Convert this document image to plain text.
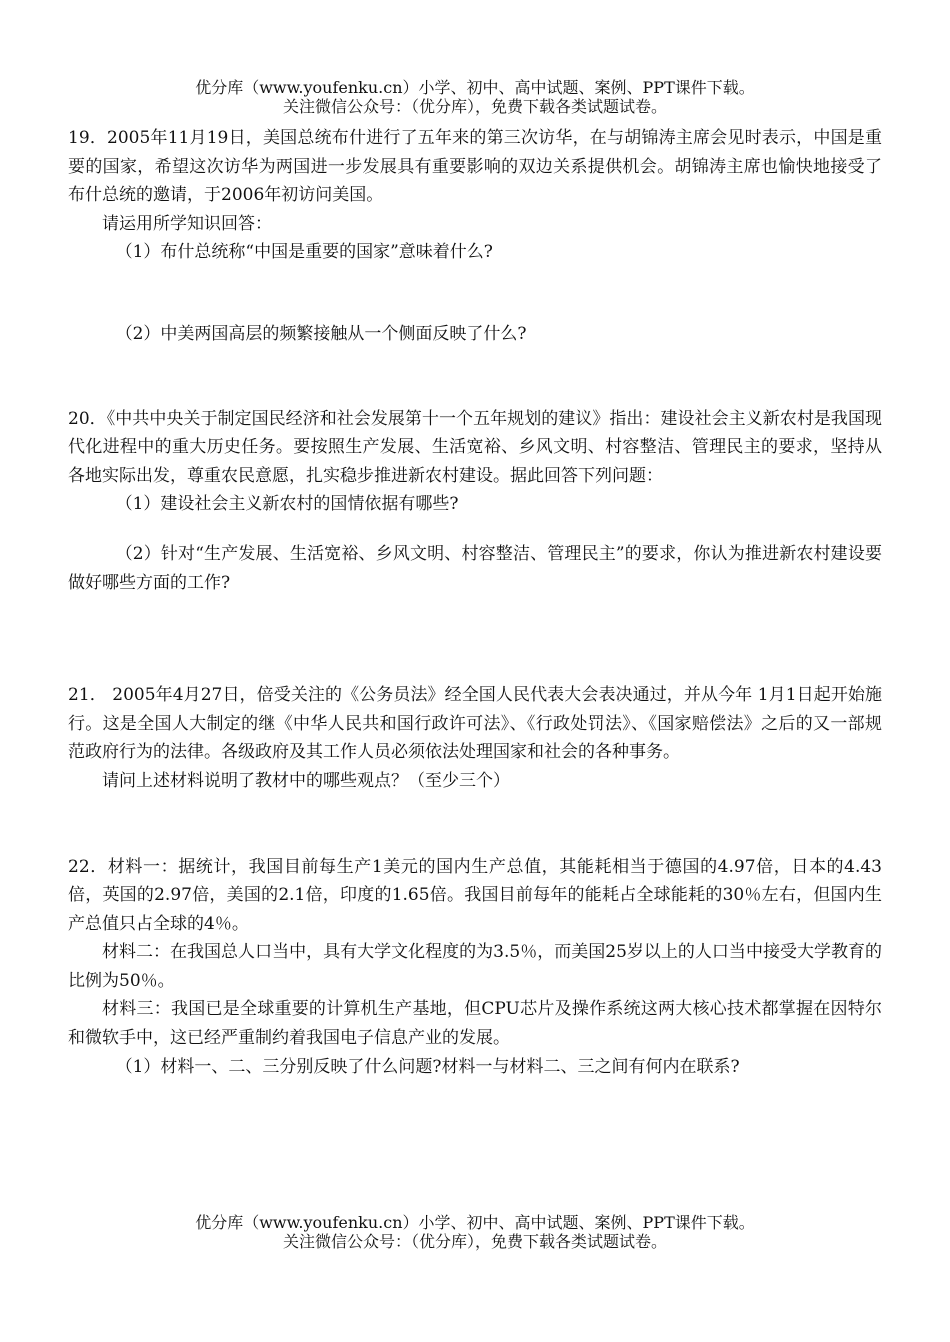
优分库（www.youfenku.cn）小学、初中、高中试题、案例、PPT课件下载。
关注微信公众号：（优分库），免费下载各类试题试卷。

19．2005年11月19日，美国总统布什进行了五年来的第三次访华，在与胡锦涛主席会见时表示，中国是重要的国家，希望这次访华为两国进一步发展具有重要影响的双边关系提供机会。胡锦涛主席也愉快地接受了布什总统的邀请，于2006年初访问美国。

请运用所学知识回答：

（1）布什总统称“中国是重要的国家”意味着什么?

（2）中美两国高层的频繁接触从一个侧面反映了什么?

20．《中共中央关于制定国民经济和社会发展第十一个五年规划的建议》指出：建设社会主义新农村是我国现代化进程中的重大历史任务。要按照生产发展、生活宽裕、乡风文明、村容整洁、管理民主的要求，坚持从各地实际出发，尊重农民意愿，扎实稳步推进新农村建设。据此回答下列问题：

（1）建设社会主义新农村的国情依据有哪些?

（2）针对“生产发展、生活宽裕、乡风文明、村容整洁、管理民主”的要求，你认为推进新农村建设要做好哪些方面的工作?

21． 2005年4月27日，倍受关注的《公务员法》经全国人民代表大会表决通过，并从今年 1月1日起开始施行。这是全国人大制定的继《中华人民共和国行政许可法》、《行政处罚法》、《国家赔偿法》之后的又一部规范政府行为的法律。各级政府及其工作人员必须依法处理国家和社会的各种事务。

请问上述材料说明了教材中的哪些观点？（至少三个）

22．材料一：据统计，我国目前每生产1美元的国内生产总值，其能耗相当于德国的4.97倍，日本的4.43倍，英国的2.97倍，美国的2.1倍，印度的1.65倍。我国目前每年的能耗占全球能耗的30％左右，但国内生产总值只占全球的4％。

材料二：在我国总人口当中，具有大学文化程度的为3.5％，而美国25岁以上的人口当中接受大学教育的比例为50％。

材料三：我国已是全球重要的计算机生产基地，但CPU芯片及操作系统这两大核心技术都掌握在因特尔和微软手中，这已经严重制约着我国电子信息产业的发展。

（1）材料一、二、三分别反映了什么问题?材料一与材料二、三之间有何内在联系?

优分库（www.youfenku.cn）小学、初中、高中试题、案例、PPT课件下载。
关注微信公众号：（优分库），免费下载各类试题试卷。
